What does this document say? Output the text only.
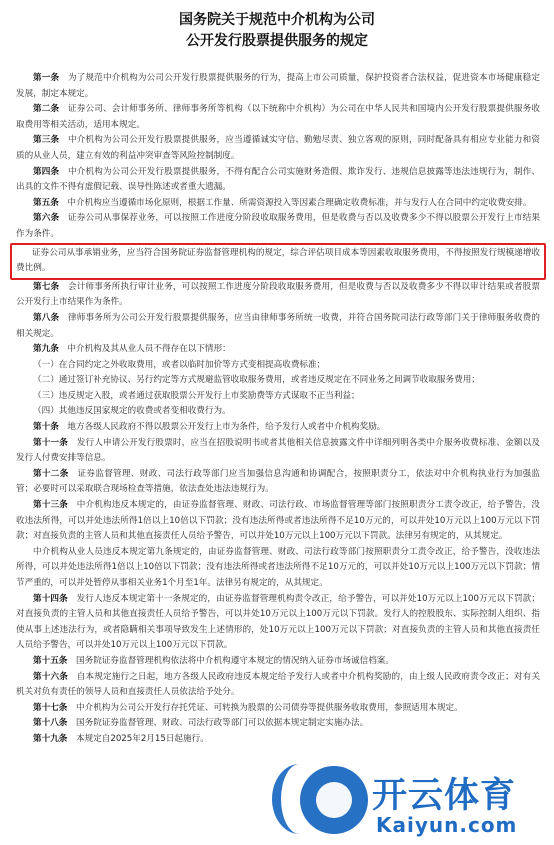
国务院关于规范中介机构为公司
公开发行股票提供服务的规定

第一条　 为了规范中介机构为公司公开发行股票提供服务的行为，提高上市公司质量，保护投资者合法权益，促进资本市场健康稳定发展，制定本规定。

第二条　 证券公司、会计师事务所、律师事务所等机构（以下统称中介机构）为公司在中华人民共和国境内公开发行股票提供服务收取费用等相关活动，适用本规定。

第三条　 中介机构为公司公开发行股票提供服务，应当遵循诚实守信、勤勉尽责、独立客观的原则，同时配备具有相应专业能力和资质的从业人员，建立有效的利益冲突审查等风险控制制度。

第四条　 中介机构为公司公开发行股票提供服务，不得有配合公司实施财务造假、欺诈发行、违规信息披露等违法违规行为，制作、出具的文件不得有虚假记载、误导性陈述或者重大遗漏。

第五条　 中介机构应当遵循市场化原则，根据工作量、所需资源投入等因素合理确定收费标准，并与发行人在合同中约定收费安排。

第六条　 证券公司从事保荐业务，可以按照工作进度分阶段收取服务费用，但是收费与否以及收费多少不得以股票公开发行上市结果作为条件。

证券公司从事承销业务，应当符合国务院证券监督管理机构的规定，综合评估项目成本等因素收取服务费用，不得按照发行规模递增收费比例。

第七条　 会计师事务所执行审计业务，可以按照工作进度分阶段收取服务费用，但是收费与否以及收费多少不得以审计结果或者股票公开发行上市结果作为条件。

第八条　 律师事务所为公司公开发行股票提供服务，应当由律师事务所统一收费，并符合国务院司法行政等部门关于律师服务收费的相关规定。

第九条　 中介机构及其从业人员不得存在以下情形：

（一）在合同约定之外收取费用，或者以临时加价等方式变相提高收费标准；

（二）通过签订补充协议、另行约定等方式规避监管收取服务费用，或者违反规定在不同业务之间调节收取服务费用；

（三）违反规定入股，或者通过获取股票公开发行上市奖励费等方式谋取不正当利益；

（四）其他违反国家规定的收费或者变相收费行为。

第十条　 地方各级人民政府不得以股票公开发行上市为条件，给予发行人或者中介机构奖励。

第十一条　 发行人申请公开发行股票时，应当在招股说明书或者其他相关信息披露文件中详细列明各类中介服务收费标准、金额以及发行人付费安排等信息。

第十二条　 证券监督管理、财政、司法行政等部门应当加强信息沟通和协调配合，按照职责分工，依法对中介机构执业行为加强监管；必要时可以采取联合现场检查等措施，依法查处违法违规行为。

第十三条　 中介机构违反本规定的，由证券监督管理、财政、司法行政、市场监督管理等部门按照职责分工责令改正，给予警告，没收违法所得，可以并处违法所得1倍以上10倍以下罚款；没有违法所得或者违法所得不足10万元的，可以并处10万元以上100万元以下罚款；对直接负责的主管人员和其他直接责任人员给予警告，可以并处10万元以上100万元以下罚款。法律另有规定的，从其规定。

中介机构从业人员违反本规定第九条规定的，由证券监督管理、财政、司法行政等部门按照职责分工责令改正，给予警告，没收违法所得，可以并处违法所得1倍以上10倍以下罚款；没有违法所得或者违法所得不足10万元的，可以并处10万元以上100万元以下罚款；情节严重的，可以并处暂停从事相关业务1个月至1年。法律另有规定的，从其规定。

第十四条　 发行人违反本规定第十一条规定的，由证券监督管理机构责令改正，给予警告，可以并处10万元以上100万元以下罚款；对直接负责的主管人员和其他直接责任人员给予警告，可以并处10万元以上100万元以下罚款。发行人的控股股东、实际控制人组织、指使从事上述违法行为，或者隐瞒相关事项导致发生上述情形的，处10万元以上100万元以下罚款；对直接负责的主管人员和其他直接责任人员给予警告，可以并处10万元以上100万元以下罚款。

第十五条　 国务院证券监督管理机构依法将中介机构遵守本规定的情况纳入证券市场诚信档案。

第十六条　 自本规定施行之日起，地方各级人民政府违反本规定给予发行人或者中介机构奖励的，由上级人民政府责令改正；对有关机关对负有责任的领导人员和直接责任人员依法给予处分。

第十七条　 中介机构为公司公开发行存托凭证、可转换为股票的公司债券等提供服务收取费用，参照适用本规定。

第十八条　 国务院证券监督管理、财政、司法行政等部门可以依据本规定制定实施办法。

第十九条　 本规定自2025年2月15日起施行。

开云体育
Kaiyun.com
